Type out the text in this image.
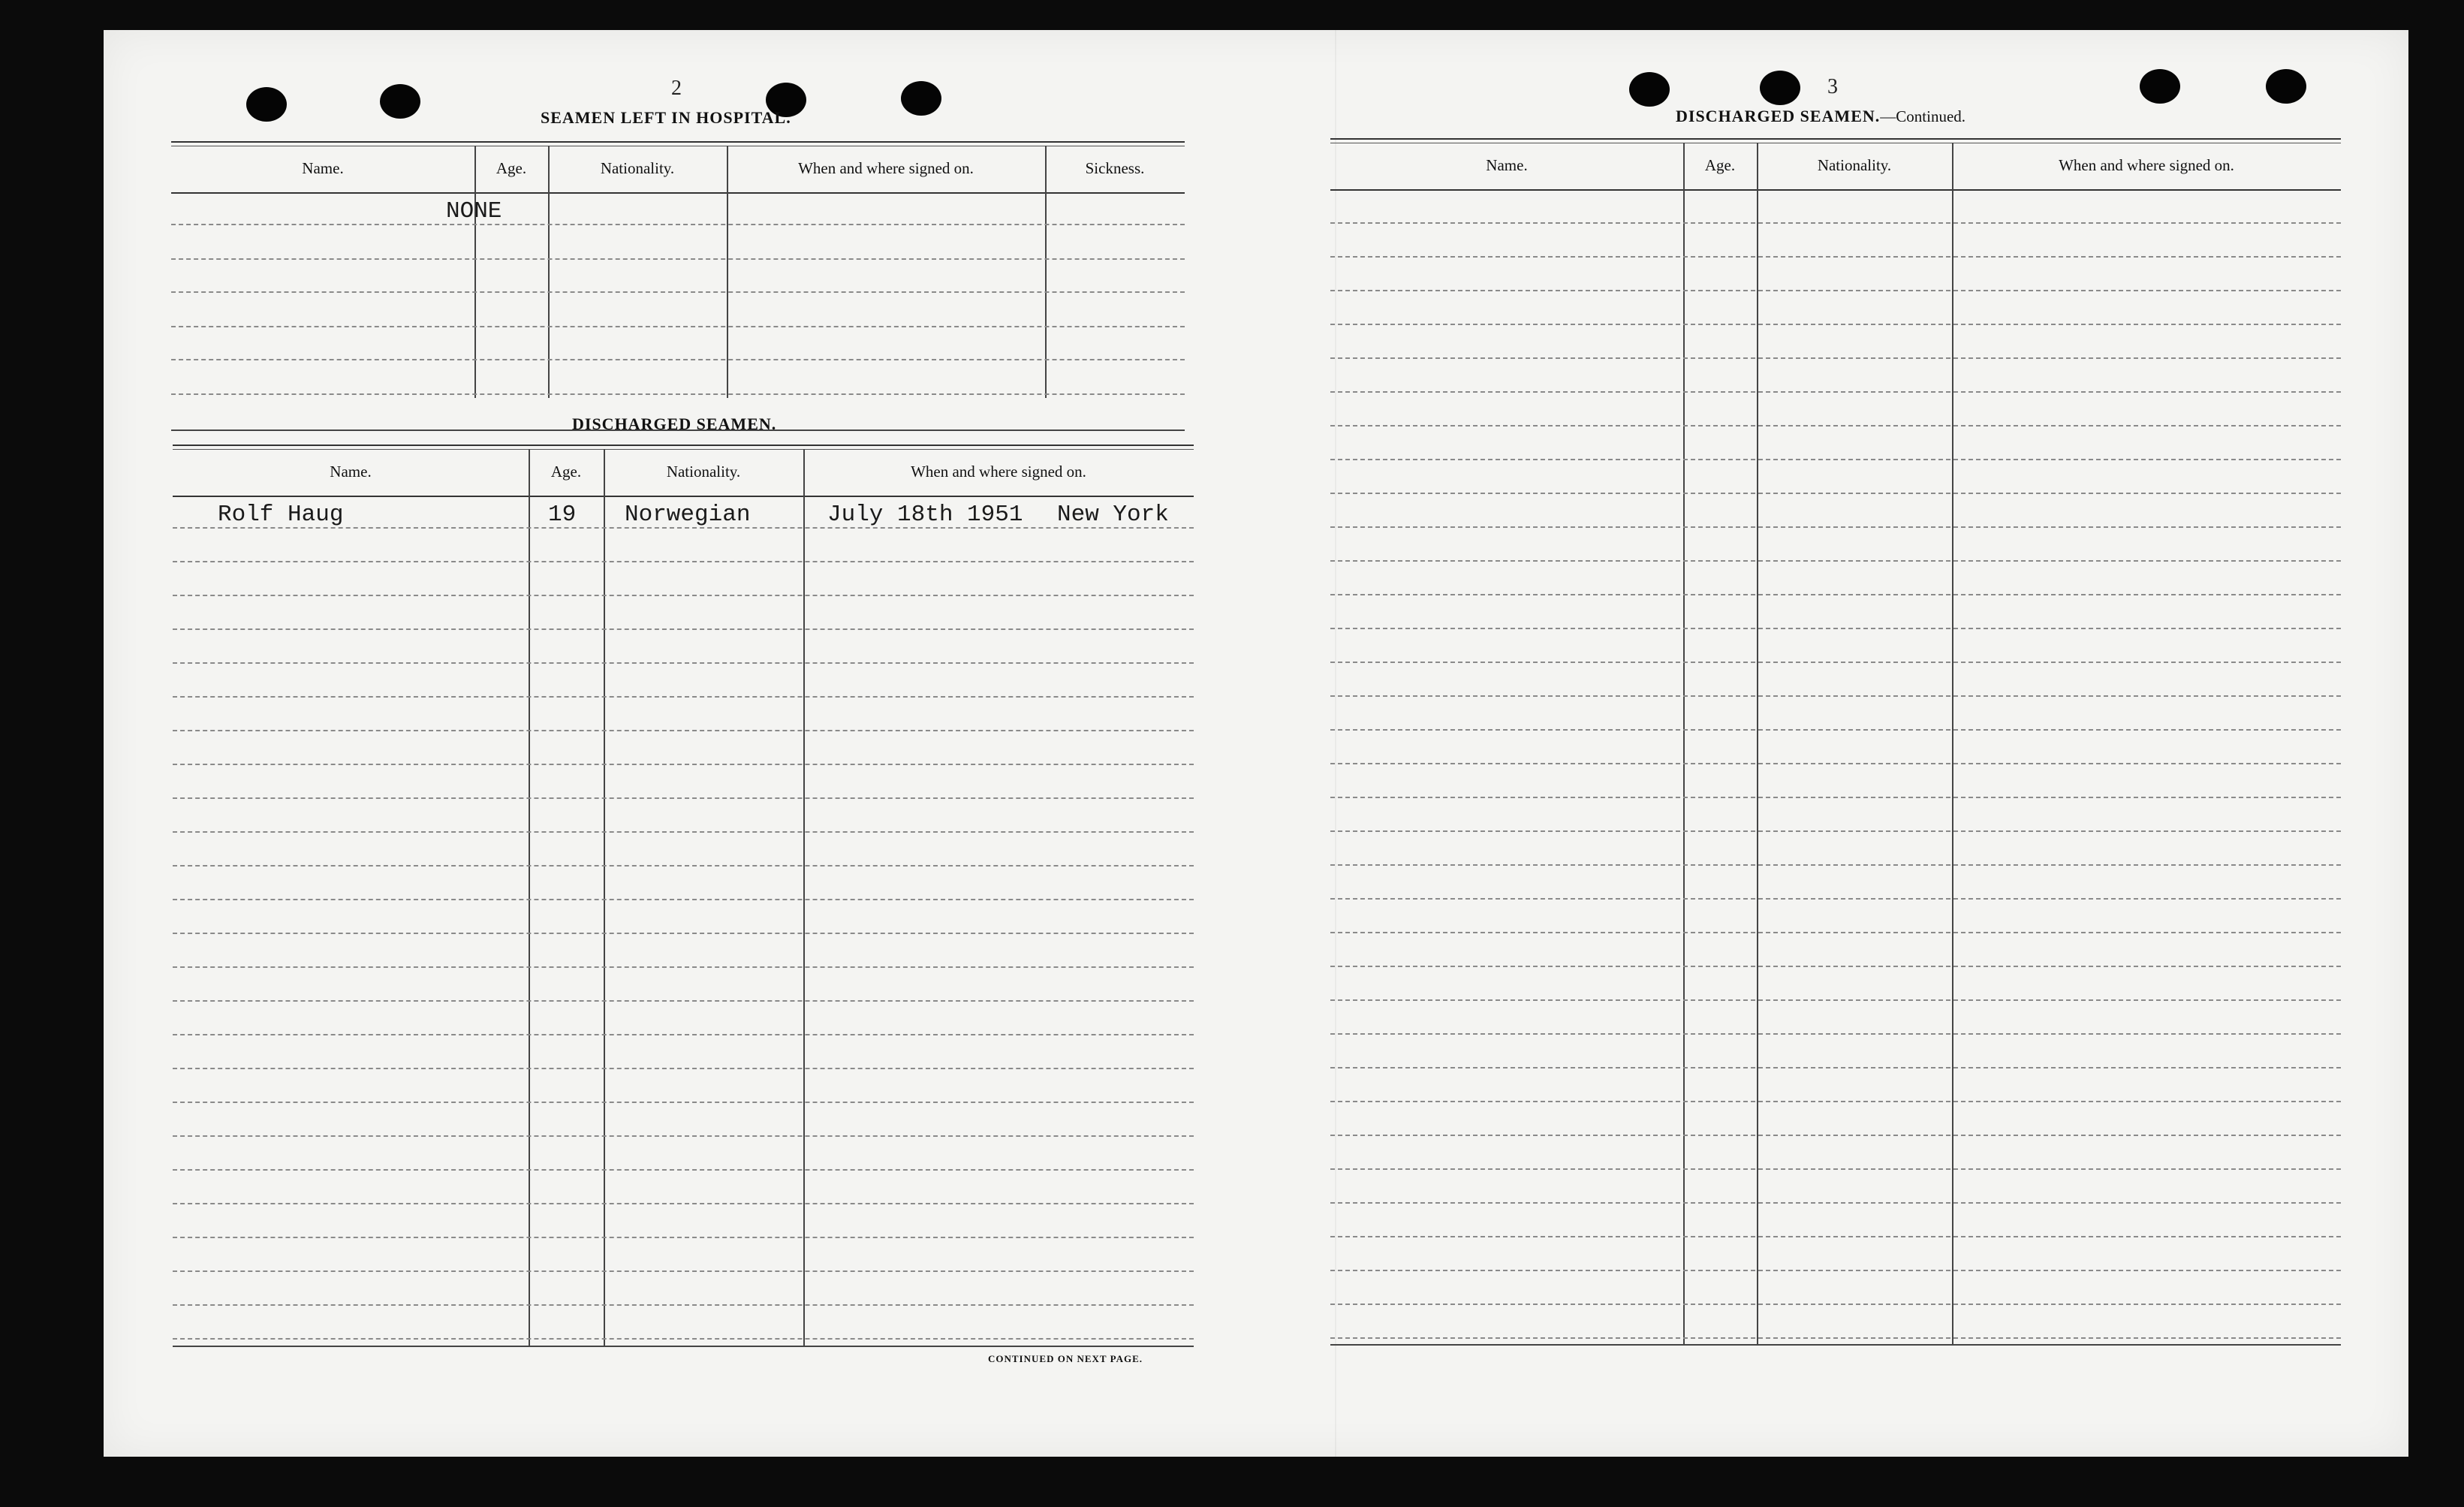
2
SEAMEN LEFT IN HOSPITAL.
Name.	Age.	Nationality.	When and where signed on.	Sickness.
NONE
DISCHARGED SEAMEN.
Name.	Age.	Nationality.	When and where signed on.
Rolf Haug	19 Norwegian	July 18th 1951 New York
CONTINUED ON NEXT PAGE.
3
DISCHARGED SEAMEN.—Continued.
Name.	Age.	Nationality.	When and where signed on.
